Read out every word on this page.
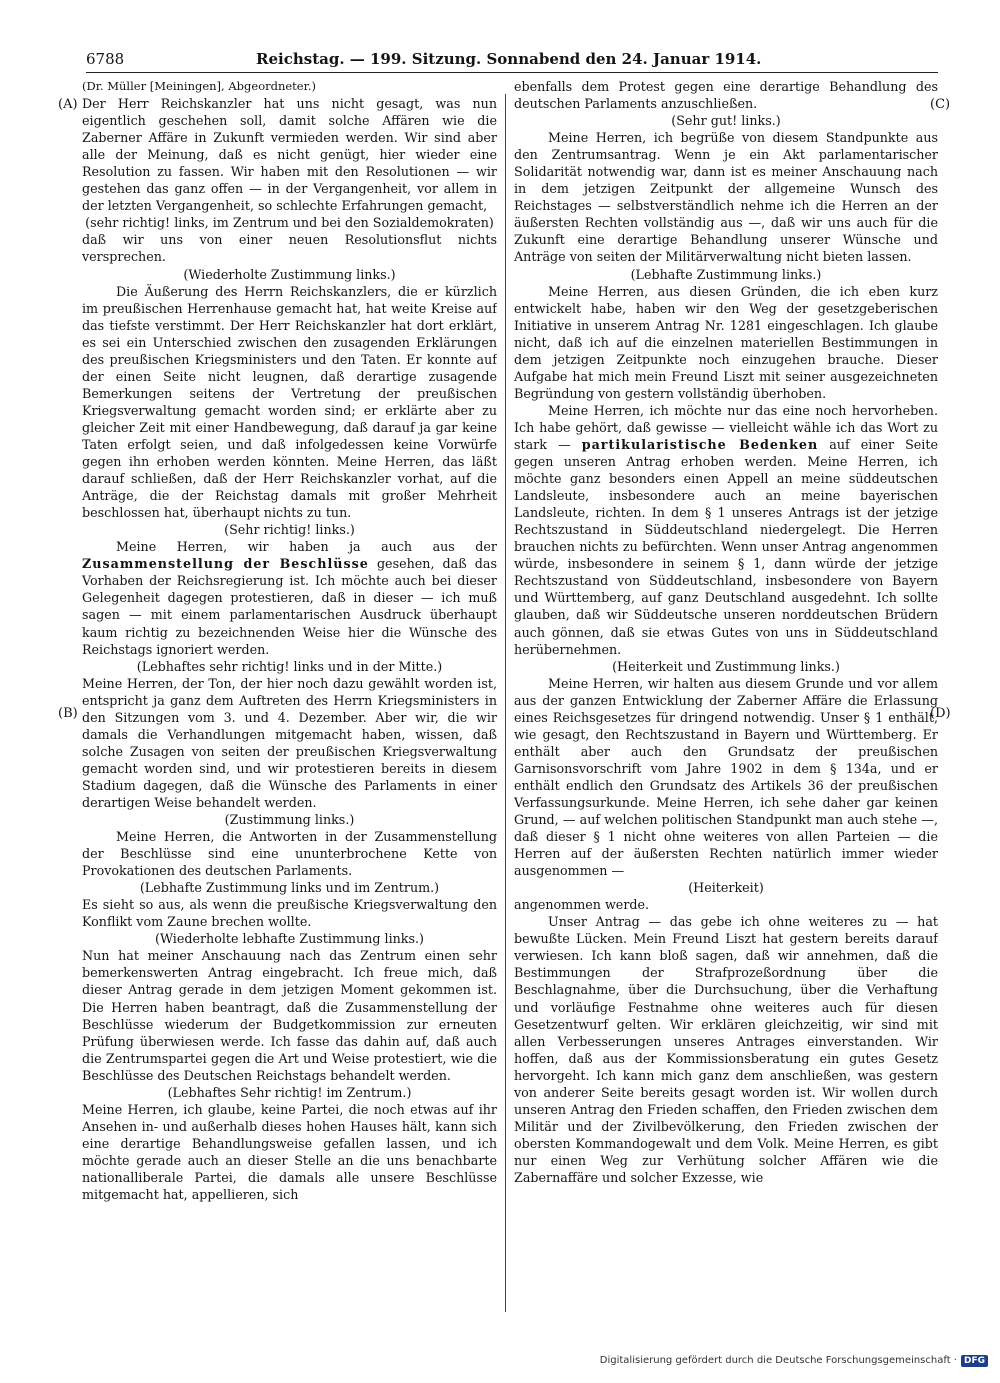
6788	Reichstag. — 199. Sitzung. Sonnabend den 24. Januar 1914.
(A)
(B)
(C)
(D)

(Dr. Müller [Meiningen], Abgeordneter.)

Der Herr Reichskanzler hat uns nicht gesagt, was nun eigentlich geschehen soll, damit solche Affären wie die Zaberner Affäre in Zukunft vermieden werden. Wir sind aber alle der Meinung, daß es nicht genügt, hier wieder eine Resolution zu fassen. Wir haben mit den Resolutionen — wir gestehen das ganz offen — in der Vergangenheit, vor allem in der letzten Vergangenheit, so schlechte Erfahrungen gemacht,

(sehr richtig! links, im Zentrum und bei den Sozialdemokraten)

daß wir uns von einer neuen Resolutionsflut nichts versprechen.

(Wiederholte Zustimmung links.)

Die Äußerung des Herrn Reichskanzlers, die er kürzlich im preußischen Herrenhause gemacht hat, hat weite Kreise auf das tiefste verstimmt. Der Herr Reichskanzler hat dort erklärt, es sei ein Unterschied zwischen den zusagenden Erklärungen des preußischen Kriegsministers und den Taten. Er konnte auf der einen Seite nicht leugnen, daß derartige zusagende Bemerkungen seitens der Vertretung der preußischen Kriegsverwaltung gemacht worden sind; er erklärte aber zu gleicher Zeit mit einer Handbewegung, daß darauf ja gar keine Taten erfolgt seien, und daß infolgedessen keine Vorwürfe gegen ihn erhoben werden könnten. Meine Herren, das läßt darauf schließen, daß der Herr Reichskanzler vorhat, auf die Anträge, die der Reichstag damals mit großer Mehrheit beschlossen hat, überhaupt nichts zu tun.

(Sehr richtig! links.)

Meine Herren, wir haben ja auch aus der Zusammenstellung der Beschlüsse gesehen, daß das Vorhaben der Reichsregierung ist. Ich möchte auch bei dieser Gelegenheit dagegen protestieren, daß in dieser — ich muß sagen — mit einem parlamentarischen Ausdruck überhaupt kaum richtig zu bezeichnenden Weise hier die Wünsche des Reichstags ignoriert werden.

(Lebhaftes sehr richtig! links und in der Mitte.)

Meine Herren, der Ton, der hier noch dazu gewählt worden ist, entspricht ja ganz dem Auftreten des Herrn Kriegsministers in den Sitzungen vom 3. und 4. Dezember. Aber wir, die wir damals die Verhandlungen mitgemacht haben, wissen, daß solche Zusagen von seiten der preußischen Kriegsverwaltung gemacht worden sind, und wir protestieren bereits in diesem Stadium dagegen, daß die Wünsche des Parlaments in einer derartigen Weise behandelt werden.

(Zustimmung links.)

Meine Herren, die Antworten in der Zusammenstellung der Beschlüsse sind eine ununterbrochene Kette von Provokationen des deutschen Parlaments.

(Lebhafte Zustimmung links und im Zentrum.)

Es sieht so aus, als wenn die preußische Kriegsverwaltung den Konflikt vom Zaune brechen wollte.

(Wiederholte lebhafte Zustimmung links.)

Nun hat meiner Anschauung nach das Zentrum einen sehr bemerkenswerten Antrag eingebracht. Ich freue mich, daß dieser Antrag gerade in dem jetzigen Moment gekommen ist. Die Herren haben beantragt, daß die Zusammenstellung der Beschlüsse wiederum der Budgetkommission zur erneuten Prüfung überwiesen werde. Ich fasse das dahin auf, daß auch die Zentrumspartei gegen die Art und Weise protestiert, wie die Beschlüsse des Deutschen Reichstags behandelt werden.

(Lebhaftes Sehr richtig! im Zentrum.)

Meine Herren, ich glaube, keine Partei, die noch etwas auf ihr Ansehen in- und außerhalb dieses hohen Hauses hält, kann sich eine derartige Behandlungsweise gefallen lassen, und ich möchte gerade auch an dieser Stelle an die uns benachbarte nationalliberale Partei, die damals alle unsere Beschlüsse mitgemacht hat, appellieren, sich

ebenfalls dem Protest gegen eine derartige Behandlung des deutschen Parlaments anzuschließen.

(Sehr gut! links.)

Meine Herren, ich begrüße von diesem Standpunkte aus den Zentrumsantrag. Wenn je ein Akt parlamentarischer Solidarität notwendig war, dann ist es meiner Anschauung nach in dem jetzigen Zeitpunkt der allgemeine Wunsch des Reichstages — selbstverständlich nehme ich die Herren an der äußersten Rechten vollständig aus —, daß wir uns auch für die Zukunft eine derartige Behandlung unserer Wünsche und Anträge von seiten der Militärverwaltung nicht bieten lassen.

(Lebhafte Zustimmung links.)

Meine Herren, aus diesen Gründen, die ich eben kurz entwickelt habe, haben wir den Weg der gesetzgeberischen Initiative in unserem Antrag Nr. 1281 eingeschlagen. Ich glaube nicht, daß ich auf die einzelnen materiellen Bestimmungen in dem jetzigen Zeitpunkte noch einzugehen brauche. Dieser Aufgabe hat mich mein Freund Liszt mit seiner ausgezeichneten Begründung von gestern vollständig überhoben.

Meine Herren, ich möchte nur das eine noch hervorheben. Ich habe gehört, daß gewisse — vielleicht wähle ich das Wort zu stark — partikularistische Bedenken auf einer Seite gegen unseren Antrag erhoben werden. Meine Herren, ich möchte ganz besonders einen Appell an meine süddeutschen Landsleute, insbesondere auch an meine bayerischen Landsleute, richten. In dem § 1 unseres Antrags ist der jetzige Rechtszustand in Süddeutschland niedergelegt. Die Herren brauchen nichts zu befürchten. Wenn unser Antrag angenommen würde, insbesondere in seinem § 1, dann würde der jetzige Rechtszustand von Süddeutschland, insbesondere von Bayern und Württemberg, auf ganz Deutschland ausgedehnt. Ich sollte glauben, daß wir Süddeutsche unseren norddeutschen Brüdern auch gönnen, daß sie etwas Gutes von uns in Süddeutschland herübernehmen.

(Heiterkeit und Zustimmung links.)

Meine Herren, wir halten aus diesem Grunde und vor allem aus der ganzen Entwicklung der Zaberner Affäre die Erlassung eines Reichsgesetzes für dringend notwendig. Unser § 1 enthält, wie gesagt, den Rechtszustand in Bayern und Württemberg. Er enthält aber auch den Grundsatz der preußischen Garnisonsvorschrift vom Jahre 1902 in dem § 134a, und er enthält endlich den Grundsatz des Artikels 36 der preußischen Verfassungsurkunde. Meine Herren, ich sehe daher gar keinen Grund, — auf welchen politischen Standpunkt man auch stehe —, daß dieser § 1 nicht ohne weiteres von allen Parteien — die Herren auf der äußersten Rechten natürlich immer wieder ausgenommen —

(Heiterkeit)

angenommen werde.

Unser Antrag — das gebe ich ohne weiteres zu — hat bewußte Lücken. Mein Freund Liszt hat gestern bereits darauf verwiesen. Ich kann bloß sagen, daß wir annehmen, daß die Bestimmungen der Strafprozeßordnung über die Beschlagnahme, über die Durchsuchung, über die Verhaftung und vorläufige Festnahme ohne weiteres auch für diesen Gesetzentwurf gelten. Wir erklären gleichzeitig, wir sind mit allen Verbesserungen unseres Antrages einverstanden. Wir hoffen, daß aus der Kommissionsberatung ein gutes Gesetz hervorgeht. Ich kann mich ganz dem anschließen, was gestern von anderer Seite bereits gesagt worden ist. Wir wollen durch unseren Antrag den Frieden schaffen, den Frieden zwischen dem Militär und der Zivilbevölkerung, den Frieden zwischen der obersten Kommandogewalt und dem Volk. Meine Herren, es gibt nur einen Weg zur Verhütung solcher Affären wie die Zabernaffäre und solcher Exzesse, wie

Digitalisierung gefördert durch die Deutsche Forschungsgemeinschaft · DFG
